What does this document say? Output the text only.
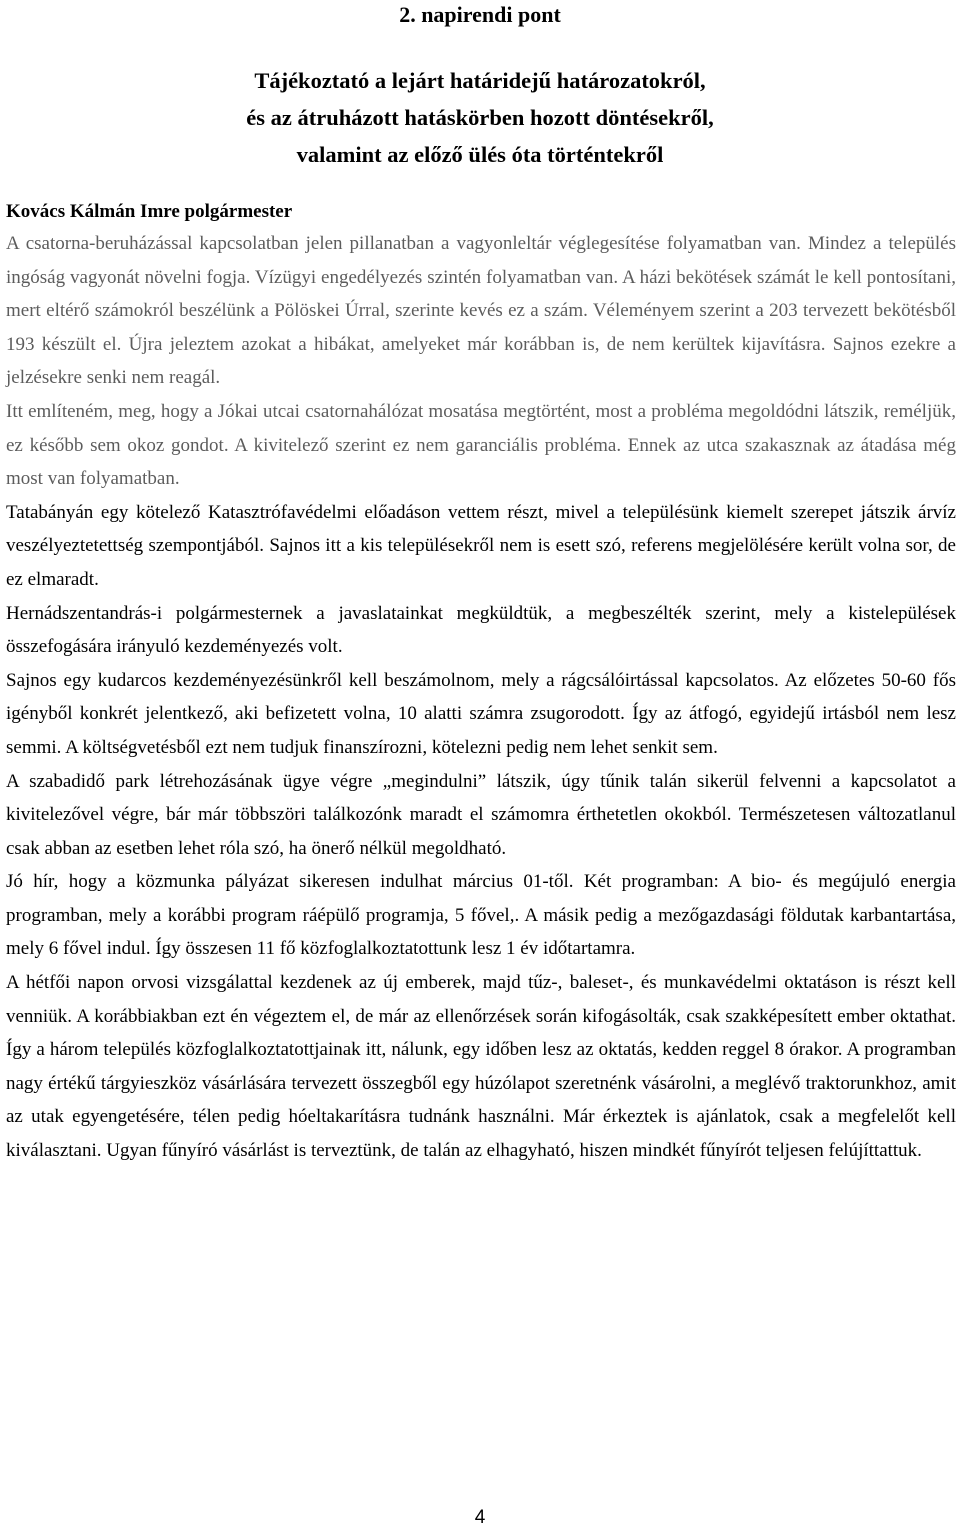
2. napirendi pont
Tájékoztató a lejárt határidejű határozatokról,
és az átruházott hatáskörben hozott döntésekről,
valamint az előző ülés óta történtekről

Kovács Kálmán Imre polgármester

A csatorna-beruházással kapcsolatban jelen pillanatban a vagyonleltár véglegesítése folyamatban van. Mindez a település ingóság vagyonát növelni fogja. Vízügyi engedélyezés szintén folyamatban van. A házi bekötések számát le kell pontosítani, mert eltérő számokról beszélünk a Pölöskei Úrral, szerinte kevés ez a szám. Véleményem szerint a 203 tervezett bekötésből 193 készült el. Újra jeleztem azokat a hibákat, amelyeket már korábban is, de nem kerültek kijavításra. Sajnos ezekre a jelzésekre senki nem reagál.

Itt említeném, meg, hogy a Jókai utcai csatornahálózat mosatása megtörtént, most a probléma megoldódni látszik, reméljük, ez később sem okoz gondot. A kivitelező szerint ez nem garanciális probléma. Ennek az utca szakasznak az átadása még most van folyamatban.

Tatabányán egy kötelező Katasztrófavédelmi előadáson vettem részt, mivel a településünk kiemelt szerepet játszik árvíz veszélyeztetettség szempontjából. Sajnos itt a kis településekről nem is esett szó, referens megjelölésére került volna sor, de ez elmaradt.

Hernádszentandrás-i polgármesternek a javaslatainkat megküldtük, a megbeszélték szerint, mely a kistelepülések összefogására irányuló kezdeményezés volt.

Sajnos egy kudarcos kezdeményezésünkről kell beszámolnom, mely a rágcsálóirtással kapcsolatos. Az előzetes 50-60 fős igényből konkrét jelentkező, aki befizetett volna, 10 alatti számra zsugorodott. Így az átfogó, egyidejű irtásból nem lesz semmi. A költségvetésből ezt nem tudjuk finanszírozni, kötelezni pedig nem lehet senkit sem.

A szabadidő park létrehozásának ügye végre „megindulni” látszik, úgy tűnik talán sikerül felvenni a kapcsolatot a kivitelezővel végre, bár már többszöri találkozónk maradt el számomra érthetetlen okokból. Természetesen változatlanul csak abban az esetben lehet róla szó, ha önerő nélkül megoldható.

Jó hír, hogy a közmunka pályázat sikeresen indulhat március 01-től. Két programban: A bio- és megújuló energia programban, mely a korábbi program ráépülő programja, 5 fővel,. A másik pedig a mezőgazdasági földutak karbantartása, mely 6 fővel indul. Így összesen 11 fő közfoglalkoztatottunk lesz 1 év időtartamra.

A hétfői napon orvosi vizsgálattal kezdenek az új emberek, majd tűz-, baleset-, és munkavédelmi oktatáson is részt kell venniük. A korábbiakban ezt én végeztem el, de már az ellenőrzések során kifogásolták, csak szakképesített ember oktathat. Így a három település közfoglalkoztatottjainak itt, nálunk, egy időben lesz az oktatás, kedden reggel 8 órakor. A programban nagy értékű tárgyieszköz vásárlására tervezett összegből egy húzólapot szeretnénk vásárolni, a meglévő traktorunkhoz, amit az utak egyengetésére, télen pedig hóeltakarításra tudnánk használni. Már érkeztek is ajánlatok, csak a megfelelőt kell kiválasztani. Ugyan fűnyíró vásárlást is terveztünk, de talán az elhagyható, hiszen mindkét fűnyírót teljesen felújíttattuk.

4
